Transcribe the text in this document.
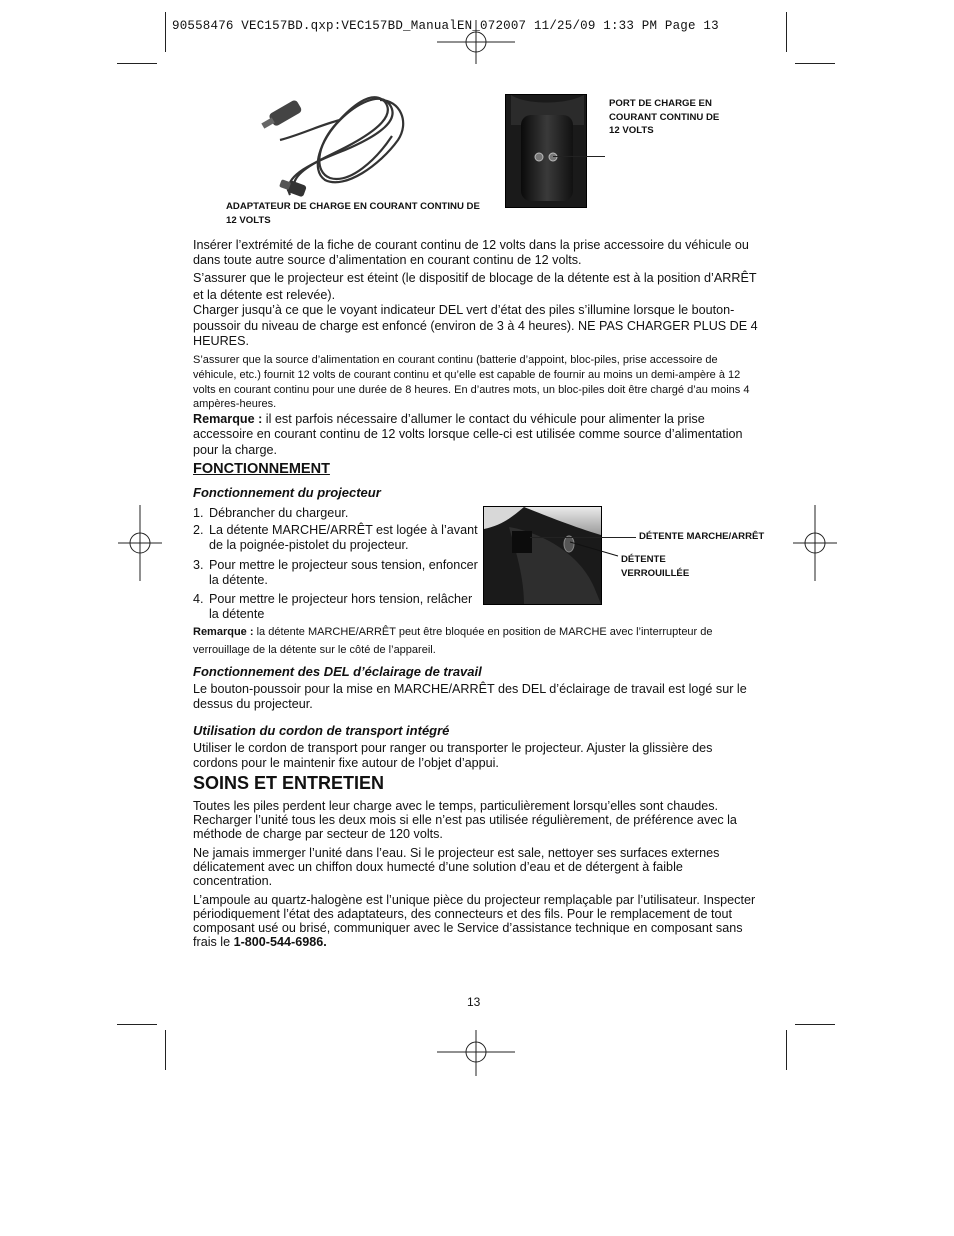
90558476 VEC157BD.qxp:VEC157BD_ManualEN_072007 11/25/09 1:33 PM Page 13
ADAPTATEUR DE CHARGE EN COURANT CONTINU DE 12 VOLTS
PORT DE CHARGE EN COURANT CONTINU DE 12 VOLTS

Insérer l’extrémité de la fiche de courant continu de 12 volts dans la prise accessoire du véhicule ou dans toute autre source d’alimentation en courant continu de 12 volts.

S’assurer que le projecteur est éteint (le dispositif de blocage de la détente est à la position d’ARRÊT et la détente est relevée).

Charger jusqu’à ce que le voyant indicateur DEL vert d’état des piles s’illumine lorsque le bouton-poussoir du niveau de charge est enfoncé (environ de 3 à 4 heures). NE PAS CHARGER PLUS DE 4 HEURES.

S’assurer que la source d’alimentation en courant continu (batterie d’appoint, bloc-piles, prise accessoire de véhicule, etc.) fournit 12 volts de courant continu et qu’elle est capable de fournir au moins un demi-ampère à 12 volts en courant continu pour une durée de 8 heures. En d’autres mots, un bloc-piles doit être chargé d’au moins 4 ampères-heures.

Remarque : il est parfois nécessaire d’allumer le contact du véhicule pour alimenter la prise accessoire en courant continu de 12 volts lorsque celle-ci est utilisée comme source d’alimentation pour la charge.

FONCTIONNEMENT
Fonctionnement du projecteur
1. Débrancher du chargeur.
2. La détente MARCHE/ARRÊT est logée à l’avant de la poignée-pistolet du projecteur.
3. Pour mettre le projecteur sous tension, enfoncer la détente.
4. Pour mettre le projecteur hors tension, relâcher la détente
DÉTENTE MARCHE/ARRÊT
DÉTENTE VERROUILLÉE

Remarque : la détente MARCHE/ARRÊT peut être bloquée en position de MARCHE avec l’interrupteur de verrouillage de la détente sur le côté de l’appareil.

Fonctionnement des DEL d’éclairage de travail

Le bouton-poussoir pour la mise en MARCHE/ARRÊT des DEL d’éclairage de travail est logé sur le dessus du projecteur.

Utilisation du cordon de transport intégré

Utiliser le cordon de transport pour ranger ou transporter le projecteur. Ajuster la glissière des cordons pour le maintenir fixe autour de l’objet d’appui.

SOINS ET ENTRETIEN

Toutes les piles perdent leur charge avec le temps, particulièrement lorsqu’elles sont chaudes. Recharger l’unité tous les deux mois si elle n’est pas utilisée régulièrement, de préférence avec la méthode de charge par secteur de 120 volts.

Ne jamais immerger l’unité dans l’eau. Si le projecteur est sale, nettoyer ses surfaces externes délicatement avec un chiffon doux humecté d’une solution d’eau et de détergent à faible concentration.

L’ampoule au quartz-halogène est l’unique pièce du projecteur remplaçable par l’utilisateur. Inspecter périodiquement l’état des adaptateurs, des connecteurs et des fils. Pour le remplacement de tout composant usé ou brisé, communiquer avec le Service d’assistance technique en composant sans frais le 1-800-544-6986.

13
